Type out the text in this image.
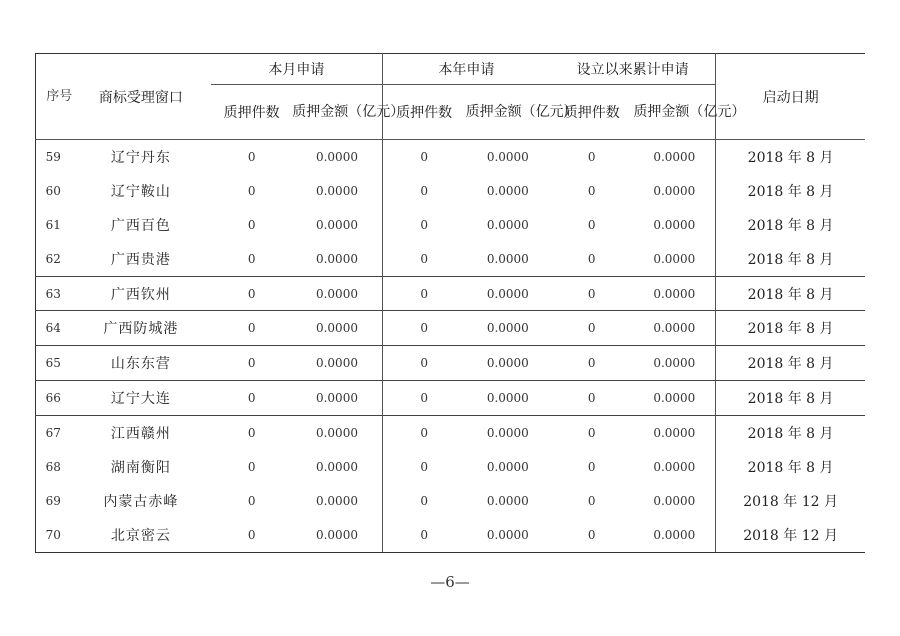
序号	商标受理窗口	本月申请		本年申请		设立以来累计申请		启动日期
		质押件数	质押金额（亿元）	质押件数	质押金额（亿元）	质押件数	质押金额（亿元）	
59	辽宁丹东	0	0.0000	0	0.0000	0	0.0000	2018 年 8 月
60	辽宁鞍山	0	0.0000	0	0.0000	0	0.0000	2018 年 8 月
61	广西百色	0	0.0000	0	0.0000	0	0.0000	2018 年 8 月
62	广西贵港	0	0.0000	0	0.0000	0	0.0000	2018 年 8 月
63	广西钦州	0	0.0000	0	0.0000	0	0.0000	2018 年 8 月
64	广西防城港	0	0.0000	0	0.0000	0	0.0000	2018 年 8 月
65	山东东营	0	0.0000	0	0.0000	0	0.0000	2018 年 8 月
66	辽宁大连	0	0.0000	0	0.0000	0	0.0000	2018 年 8 月
67	江西赣州	0	0.0000	0	0.0000	0	0.0000	2018 年 8 月
68	湖南衡阳	0	0.0000	0	0.0000	0	0.0000	2018 年 8 月
69	内蒙古赤峰	0	0.0000	0	0.0000	0	0.0000	2018 年 12 月
70	北京密云	0	0.0000	0	0.0000	0	0.0000	2018 年 12 月
—6—
